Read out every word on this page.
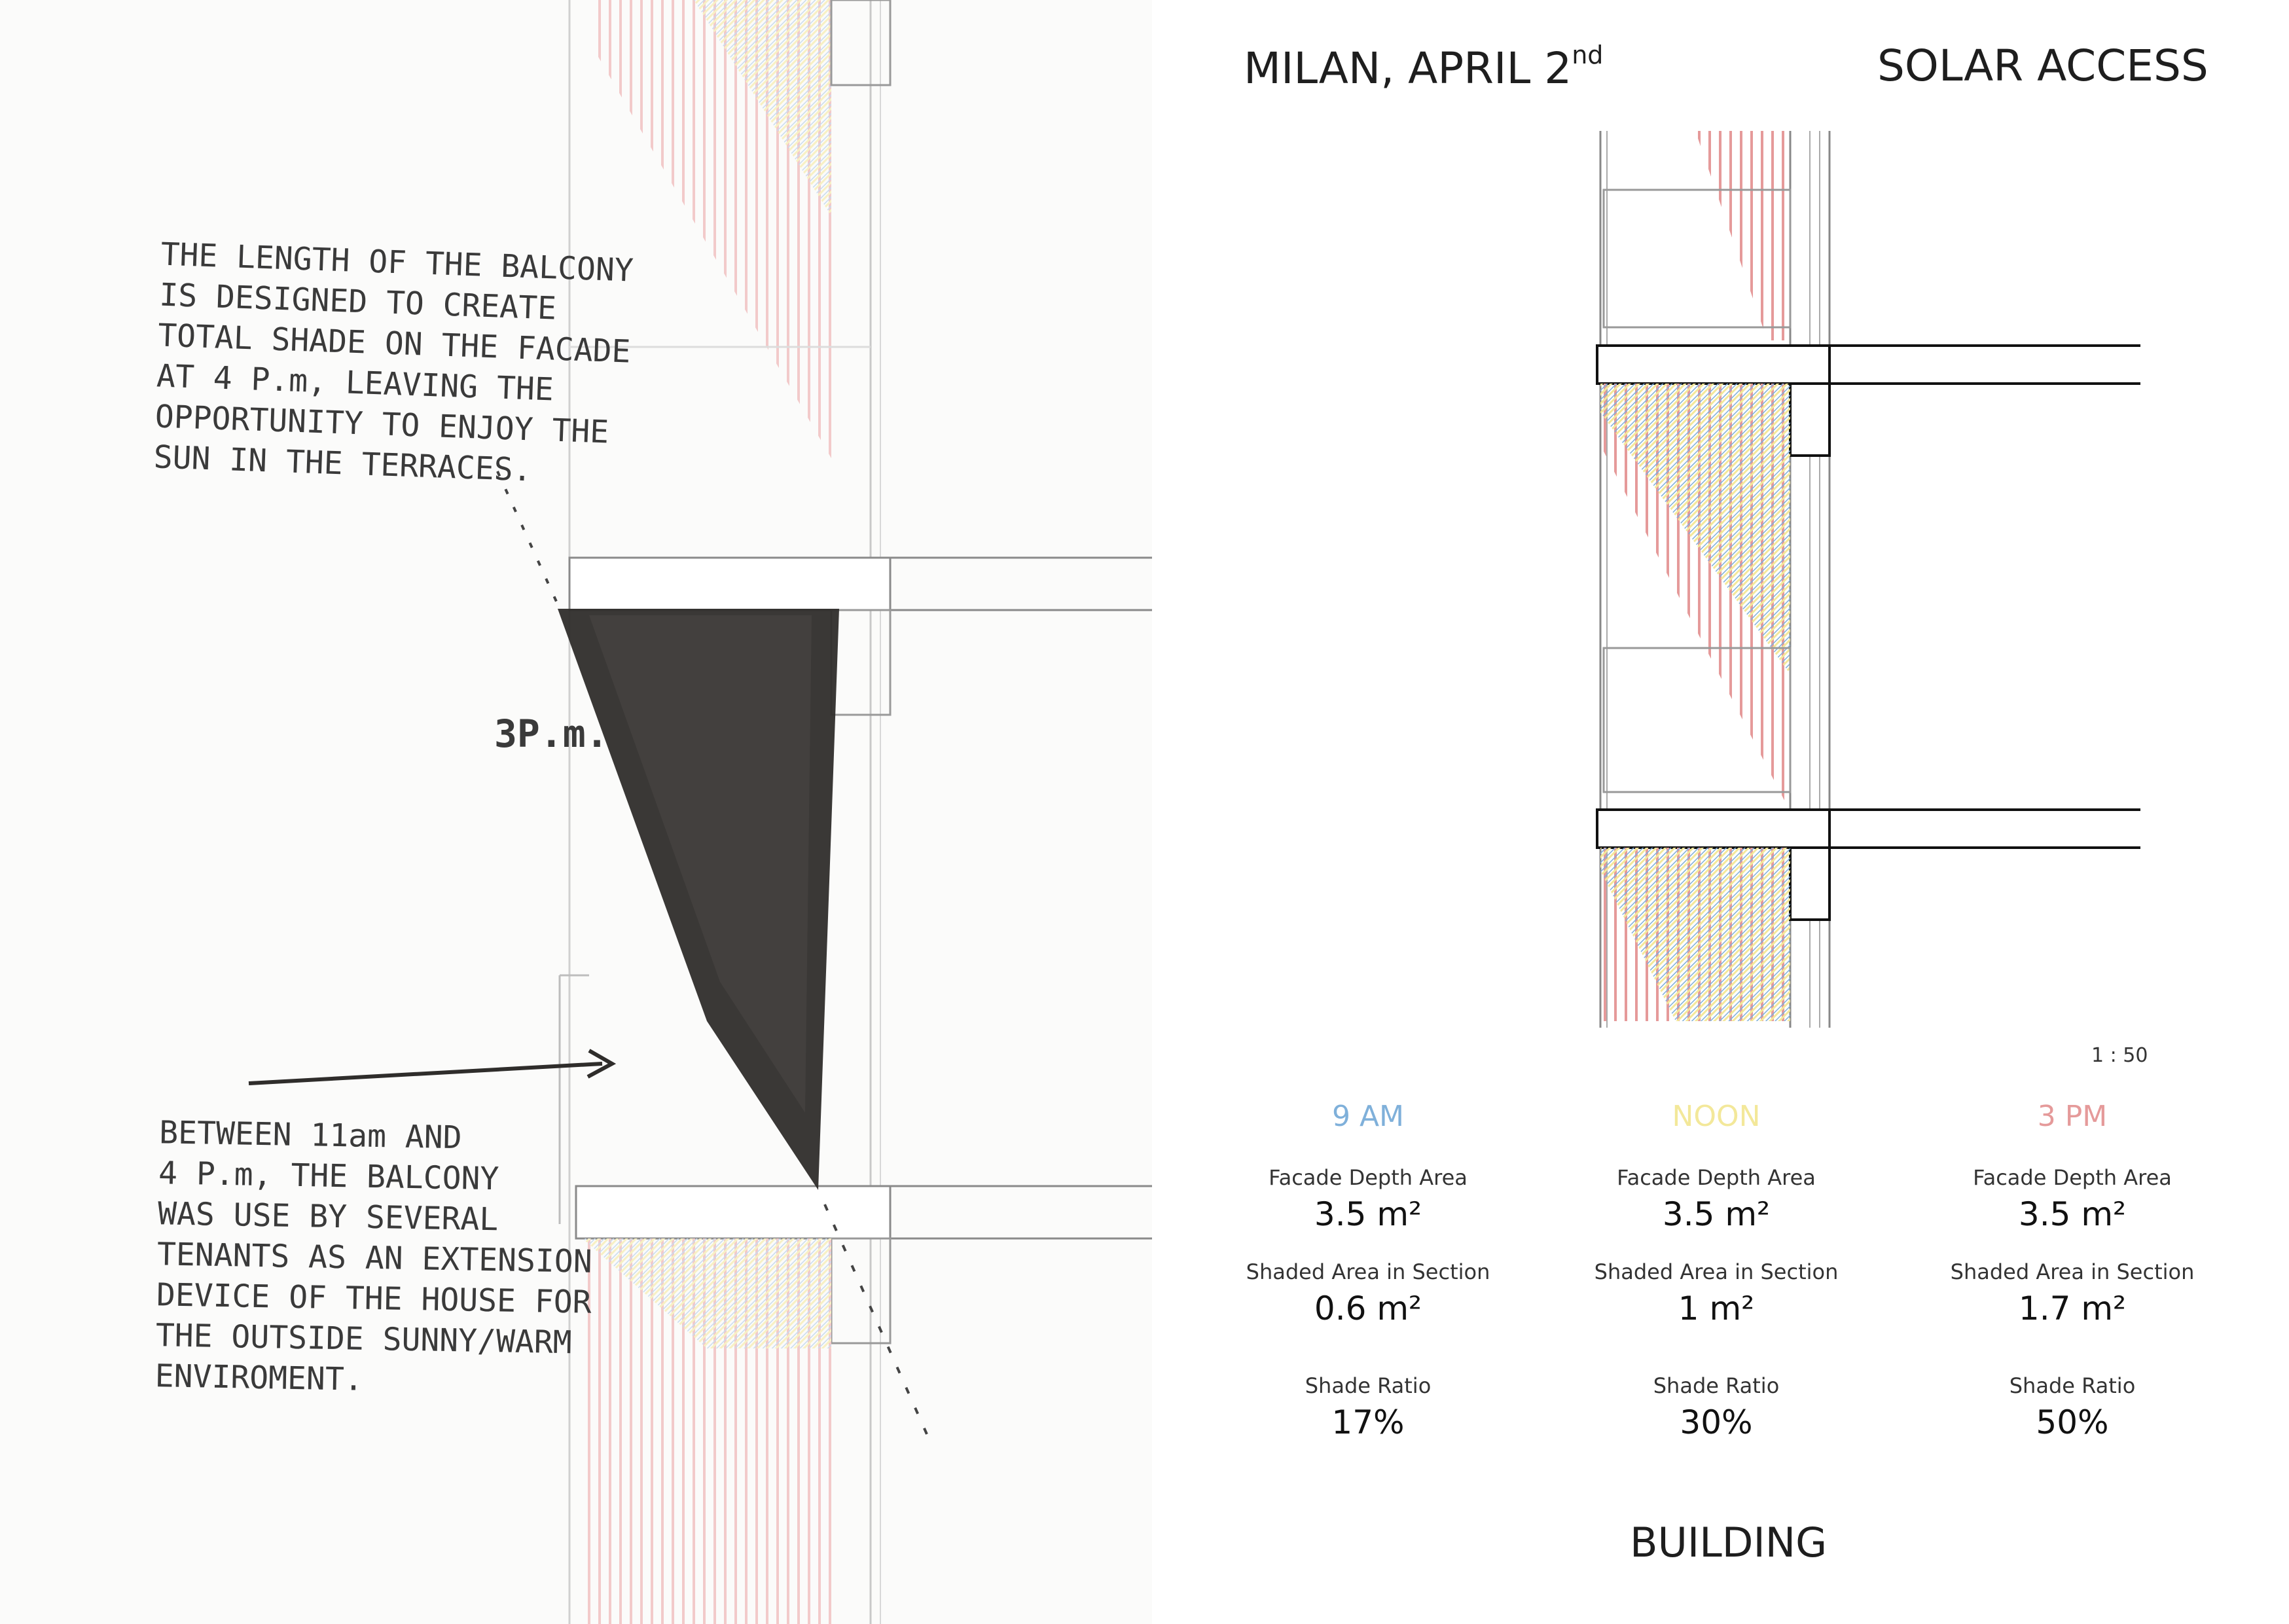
MILAN, APRIL 2nd	SOLAR ACCESS
THE LENGTH OF THE BALCONY
IS DESIGNED TO CREATE
TOTAL SHADE ON THE FACADE
AT 4 P.m, LEAVING THE
OPPORTUNITY TO ENJOY THE
SUN IN THE TERRACES.
3P.m.
BETWEEN 11am AND
4 P.m, THE BALCONY
WAS USE BY SEVERAL
TENANTS AS AN EXTENSION
DEVICE OF THE HOUSE FOR
THE OUTSIDE SUNNY/WARM
ENVIROMENT.
1 : 50
9 AM
Facade Depth Area
3.5 m²
Shaded Area in Section
0.6 m²
Shade Ratio
17%
NOON
Facade Depth Area
3.5 m²
Shaded Area in Section
1 m²
Shade Ratio
30%
3 PM
Facade Depth Area
3.5 m²
Shaded Area in Section
1.7 m²
Shade Ratio
50%
BUILDING
